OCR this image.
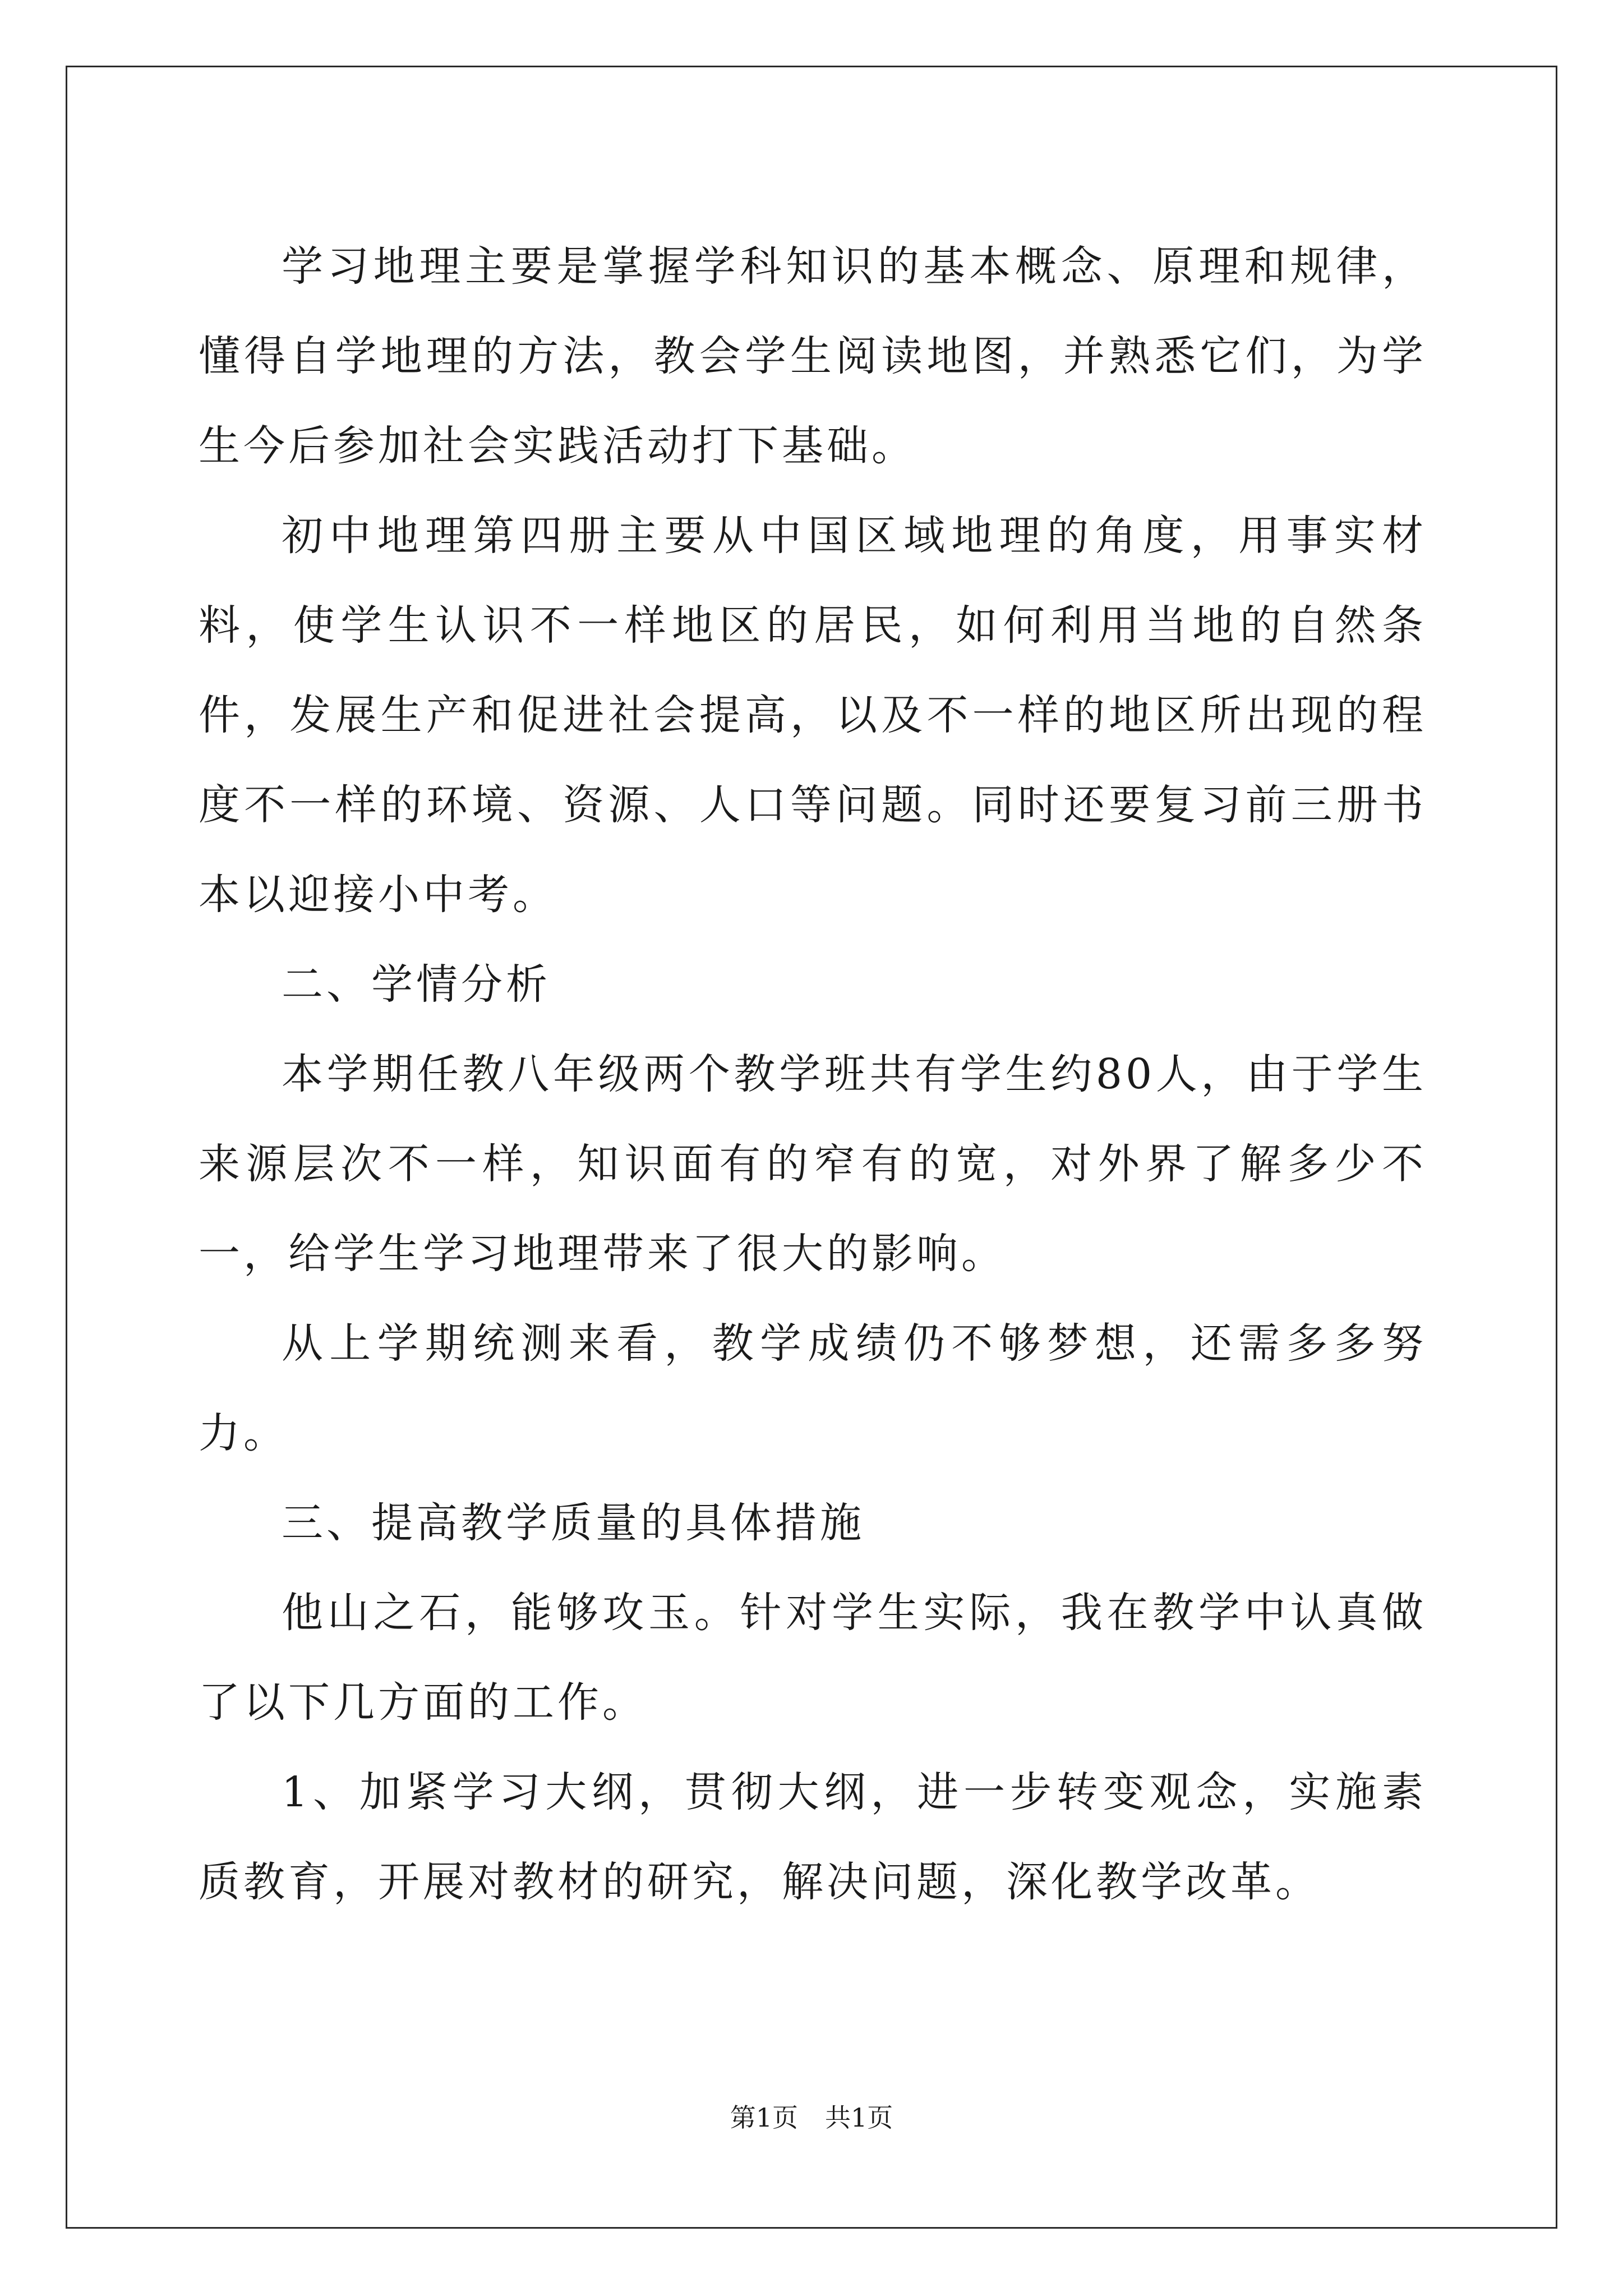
学习地理主要是掌握学科知识的基本概念、原理和规律，懂得自学地理的方法，教会学生阅读地图，并熟悉它们，为学生今后参加社会实践活动打下基础。

初中地理第四册主要从中国区域地理的角度，用事实材料，使学生认识不一样地区的居民，如何利用当地的自然条件，发展生产和促进社会提高，以及不一样的地区所出现的程度不一样的环境、资源、人口等问题。同时还要复习前三册书本以迎接小中考。

二、学情分析

本学期任教八年级两个教学班共有学生约80人，由于学生来源层次不一样，知识面有的窄有的宽，对外界了解多少不一，给学生学习地理带来了很大的影响。

从上学期统测来看，教学成绩仍不够梦想，还需多多努力。

三、提高教学质量的具体措施

他山之石，能够攻玉。针对学生实际，我在教学中认真做了以下几方面的工作。

1、加紧学习大纲，贯彻大纲，进一步转变观念，实施素质教育，开展对教材的研究，解决问题，深化教学改革。

第1页 共1页
